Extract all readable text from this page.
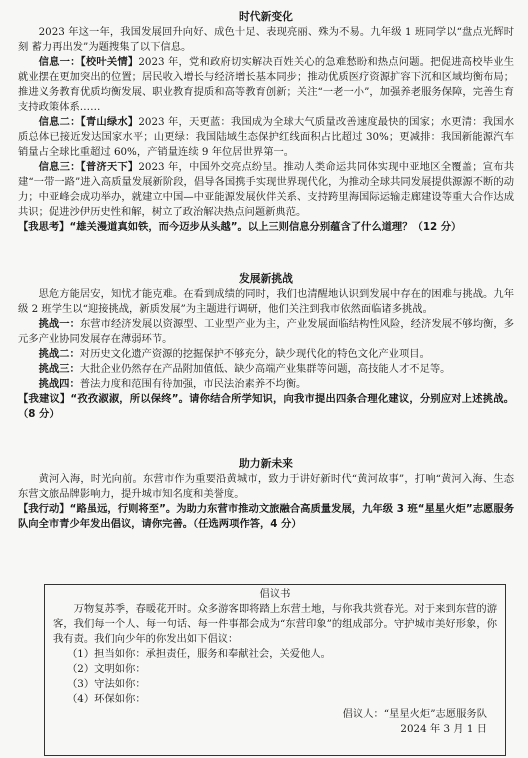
时代新变化

2023 年这一年，我国发展回升向好、成色十足、表现亮丽、殊为不易。九年级 1 班同学以“盘点光辉时刻 蓄力再出发”为题搜集了以下信息。

信息一：【校叶关情】2023 年，党和政府切实解决百姓关心的急难愁盼和热点问题。把促进高校毕业生就业摆在更加突出的位置；居民收入增长与经济增长基本同步；推动优质医疗资源扩容下沉和区域均衡布局；推进义务教育优质均衡发展、职业教育提质和高等教育创新；关注“一老一小”，加强养老服务保障，完善生育支持政策体系……

信息二：【青山绿水】2023 年，天更蓝：我国成为全球大气质量改善速度最快的国家；水更清：我国水质总体已接近发达国家水平；山更绿：我国陆域生态保护红线面积占比超过 30%；更减排：我国新能源汽车销量占全球比重超过 60%，产销量连续 9 年位居世界第一。

信息三：【普济天下】2023 年，中国外交亮点纷呈。推动人类命运共同体实现中亚地区全覆盖；宣布共建“一带一路”进入高质量发展新阶段，倡导各国携手实现世界现代化，为推动全球共同发展提供源源不断的动力；中亚峰会成功举办，就建立中国—中亚能源发展伙伴关系、支持跨里海国际运输走廊建设等重大合作达成共识；促进沙伊历史性和解，树立了政治解决热点问题新典范。

【我思考】“雄关漫道真如铁，而今迈步从头越”。以上三则信息分别蕴含了什么道理？（12 分）

发展新挑战

思危方能居安，知忧才能克难。在看到成绩的同时，我们也清醒地认识到发展中存在的困难与挑战。九年级 2 班学生以“迎接挑战，新质发展”为主题进行调研，他们关注到我市依然面临诸多挑战。

挑战一：东营市经济发展以资源型、工业型产业为主，产业发展面临结构性风险，经济发展不够均衡，多元多产业协同发展存在薄弱环节。

挑战二：对历史文化遗产资源的挖掘保护不够充分，缺少现代化的特色文化产业项目。

挑战三：大批企业仍然存在产品附加值低、缺少高端产业集群等问题，高技能人才不足等。

挑战四：普法力度和范围有待加强，市民法治素养不均衡。

【我建议】“孜孜淑淑，所以保终”。请你结合所学知识，向我市提出四条合理化建议，分别应对上述挑战。（8 分）

助力新未来

黄河入海，时光向前。东营市作为重要沿黄城市，致力于讲好新时代“黄河故事”，打响“黄河入海、生态东营文旅品牌影响力，提升城市知名度和美誉度。

【我行动】“路虽远，行则将至”。为助力东营市推动文旅融合高质量发展，九年级 3 班“星星火炬”志愿服务队向全市青少年发出倡议，请你完善。（任选两项作答，4 分）

倡议书

万物复苏季，春暖花开时。众多游客即将踏上东营土地，与你我共赏春光。对于来到东营的游客，我们每一个人、每一句话、每一件事都会成为“东营印象”的组成部分。守护城市美好形象，你我有责。我们向少年的你发出如下倡议：

（1）担当如你：承担责任，服务和奉献社会，关爱他人。

（2）文明如你：

（3）守法如你：

（4）环保如你：

倡议人：“星星火炬”志愿服务队

2024 年 3 月 1 日
